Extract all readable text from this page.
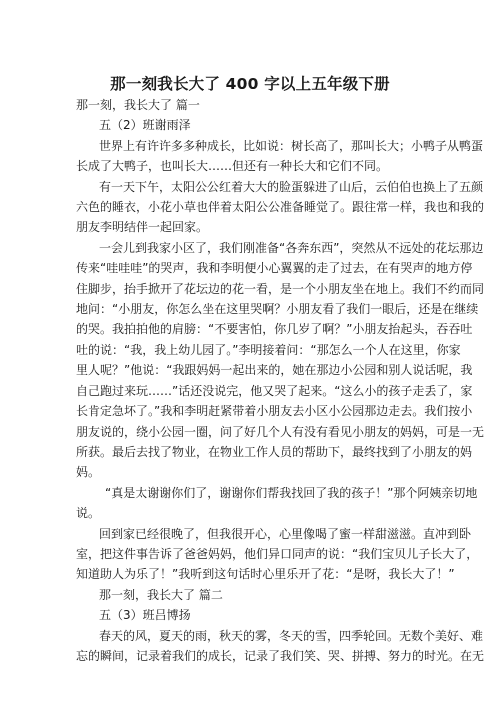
那一刻我长大了 400 字以上五年级下册
那一刻，我长大了 篇一
五（2）班谢雨泽
世界上有许许多多种成长，比如说：树长高了，那叫长大；小鸭子从鸭蛋
长成了大鸭子，也叫长大……但还有一种长大和它们不同。
有一天下午，太阳公公红着大大的脸蛋躲进了山后，云伯伯也换上了五颜
六色的睡衣，小花小草也伴着太阳公公准备睡觉了。跟往常一样，我也和我的
朋友李明结伴一起回家。
一会儿到我家小区了，我们刚准备“各奔东西”，突然从不远处的花坛那边
传来“哇哇哇”的哭声，我和李明便小心翼翼的走了过去，在有哭声的地方停
住脚步，抬手掀开了花坛边的花一看，是一个小朋友坐在地上。我们不约而同
地问：“小朋友，你怎么坐在这里哭啊？小朋友看了我们一眼后，还是在继续
的哭。我拍拍他的肩膀：“不要害怕，你几岁了啊？”小朋友抬起头，吞吞吐
吐的说：“我，我上幼儿园了。”李明接着问：“那怎么一个人在这里，你家
里人呢？”他说：“我跟妈妈一起出来的，她在那边小公园和别人说话呢，我
自己跑过来玩……”话还没说完，他又哭了起来。“这么小的孩子走丢了，家
长肯定急坏了。”我和李明赶紧带着小朋友去小区小公园那边走去。我们按小
朋友说的，绕小公园一圈，问了好几个人有没有看见小朋友的妈妈，可是一无
所获。最后去找了物业，在物业工作人员的帮助下，最终找到了小朋友的妈
妈。
“真是太谢谢你们了，谢谢你们帮我找回了我的孩子！”那个阿姨亲切地
说。
回到家已经很晚了，但我很开心，心里像喝了蜜一样甜滋滋。直冲到卧
室，把这件事告诉了爸爸妈妈，他们异口同声的说：“我们宝贝儿子长大了，
知道助人为乐了！”我听到这句话时心里乐开了花：“是呀，我长大了！”
那一刻，我长大了 篇二
五（3）班吕博扬
春天的风，夏天的雨，秋天的雾，冬天的雪，四季轮回。无数个美好、难
忘的瞬间，记录着我们的成长，记录了我们笑、哭、拼搏、努力的时光。在无
